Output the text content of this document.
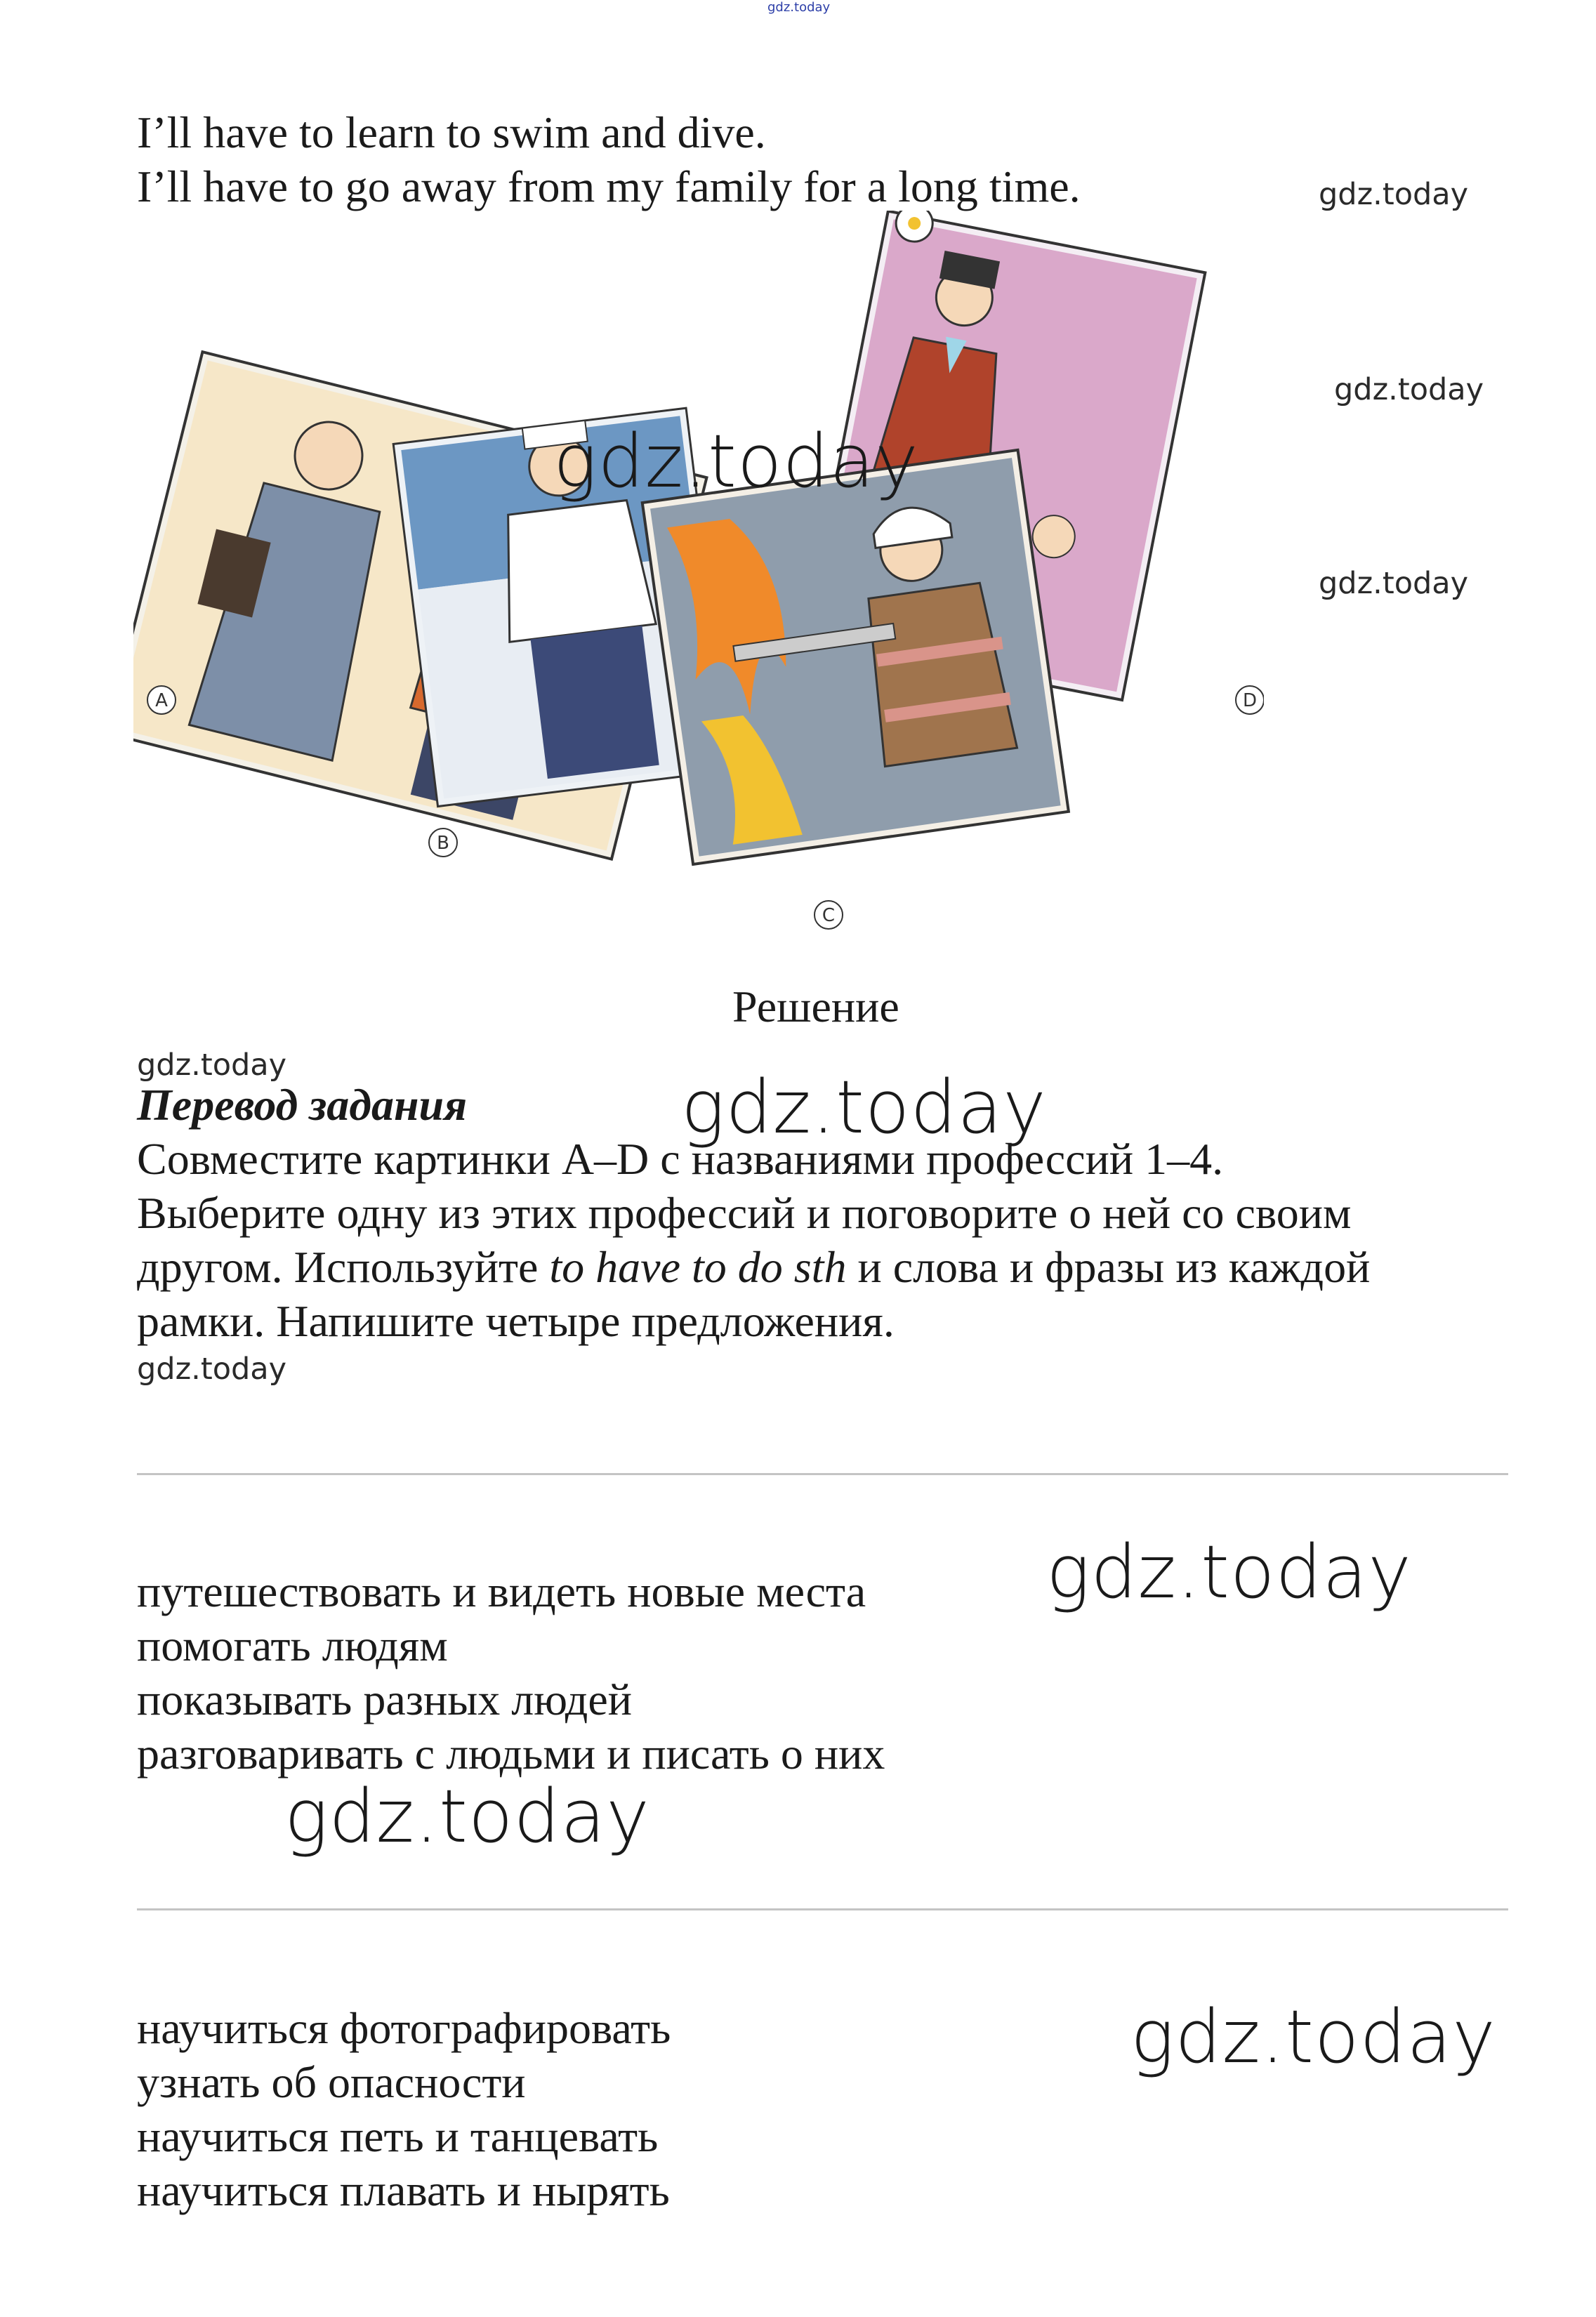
gdz.today
I’ll have to learn to swim and dive.
I’ll have to go away from my family for a long time.
A
B
C
D
gdz.today
gdz.today
gdz.today
gdz.today
Решение
gdz.today
Перевод задания	gdz.today
Совместите картинки A–D с названиями профессий 1–4.
Выберите одну из этих профессий и поговорите о ней со своим
другом. Используйте to have to do sth и слова и фразы из каждой
рамки. Напишите четыре предложения.
gdz.today
gdz.today
путешествовать и видеть новые места
помогать людям
показывать разных людей
разговаривать с людьми и писать о них
gdz.today
научиться фотографировать	gdz.today
узнать об опасности
научиться петь и танцевать
научиться плавать и нырять
